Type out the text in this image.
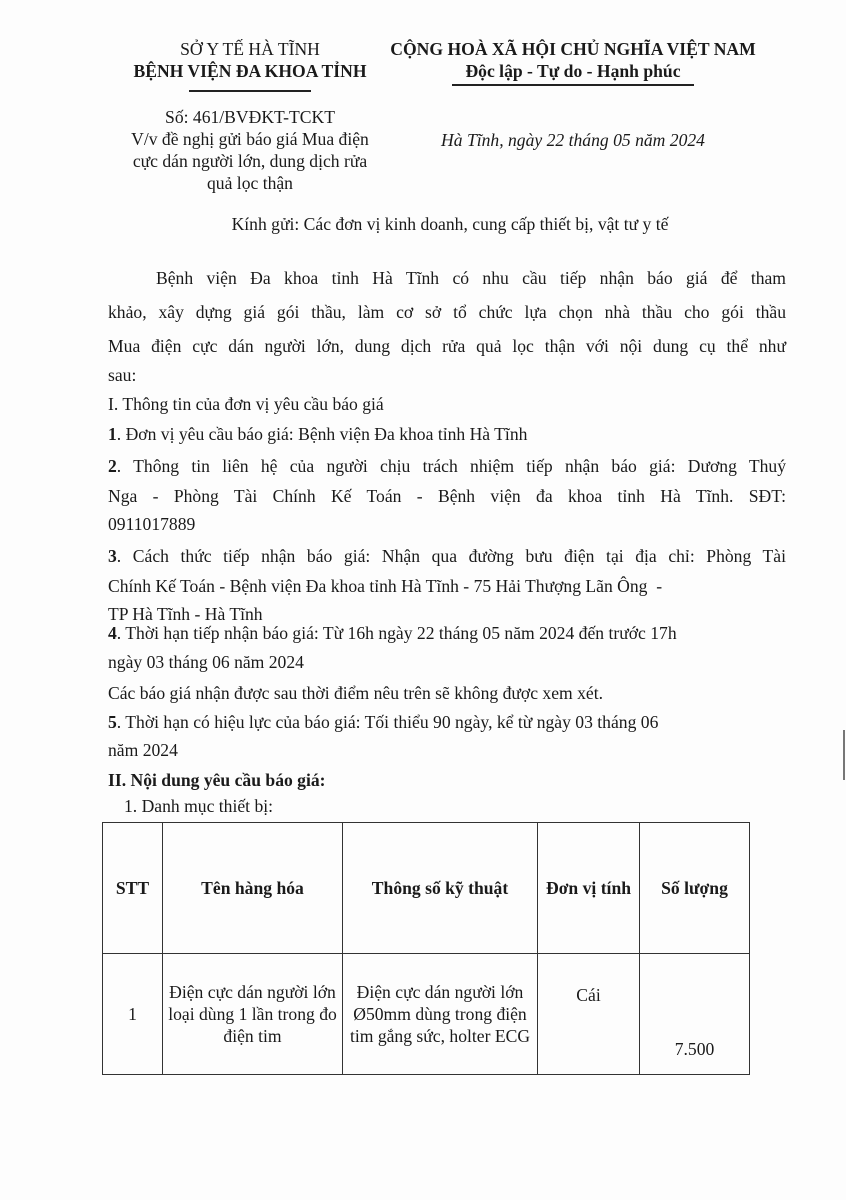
SỞ Y TẾ HÀ TĨNH
BỆNH VIỆN ĐA KHOA TỈNH
Số: 461/BVĐKT-TCKT
V/v đề nghị gửi báo giá Mua điện
cực dán người lớn, dung dịch rửa
quả lọc thận
CỘNG HOÀ XÃ HỘI CHỦ NGHĨA VIỆT NAM
Độc lập - Tự do - Hạnh phúc
Hà Tĩnh, ngày 22 tháng 05 năm 2024
Kính gửi: Các đơn vị kinh doanh, cung cấp thiết bị, vật tư y tế
Bệnh viện Đa khoa tỉnh Hà Tĩnh có nhu cầu tiếp nhận báo giá để tham
khảo, xây dựng giá gói thầu, làm cơ sở tổ chức lựa chọn nhà thầu cho gói thầu
Mua điện cực dán người lớn, dung dịch rửa quả lọc thận với nội dung cụ thể như
sau:
I. Thông tin của đơn vị yêu cầu báo giá
1. Đơn vị yêu cầu báo giá: Bệnh viện Đa khoa tỉnh Hà Tĩnh
2. Thông tin liên hệ của người chịu trách nhiệm tiếp nhận báo giá: Dương Thuý
Nga - Phòng Tài Chính Kế Toán - Bệnh viện đa khoa tỉnh Hà Tĩnh. SĐT:
0911017889
3. Cách thức tiếp nhận báo giá: Nhận qua đường bưu điện tại địa chỉ: Phòng Tài
Chính Kế Toán - Bệnh viện Đa khoa tỉnh Hà Tĩnh - 75 Hải Thượng Lãn Ông  -
TP Hà Tĩnh - Hà Tĩnh
4. Thời hạn tiếp nhận báo giá: Từ 16h ngày 22 tháng 05 năm 2024 đến trước 17h
ngày 03 tháng 06 năm 2024
Các báo giá nhận được sau thời điểm nêu trên sẽ không được xem xét.
5. Thời hạn có hiệu lực của báo giá: Tối thiểu 90 ngày, kể từ ngày 03 tháng 06
năm 2024
II. Nội dung yêu cầu báo giá:
1. Danh mục thiết bị:
STT	Tên hàng hóa	Thông số kỹ thuật	Đơn vị tính	Số lượng
1	Điện cực dán người lớn loại dùng 1 lần trong đo điện tim	Điện cực dán người lớn Ø50mm dùng trong điện tim gắng sức, holter ECG	Cái	7.500
